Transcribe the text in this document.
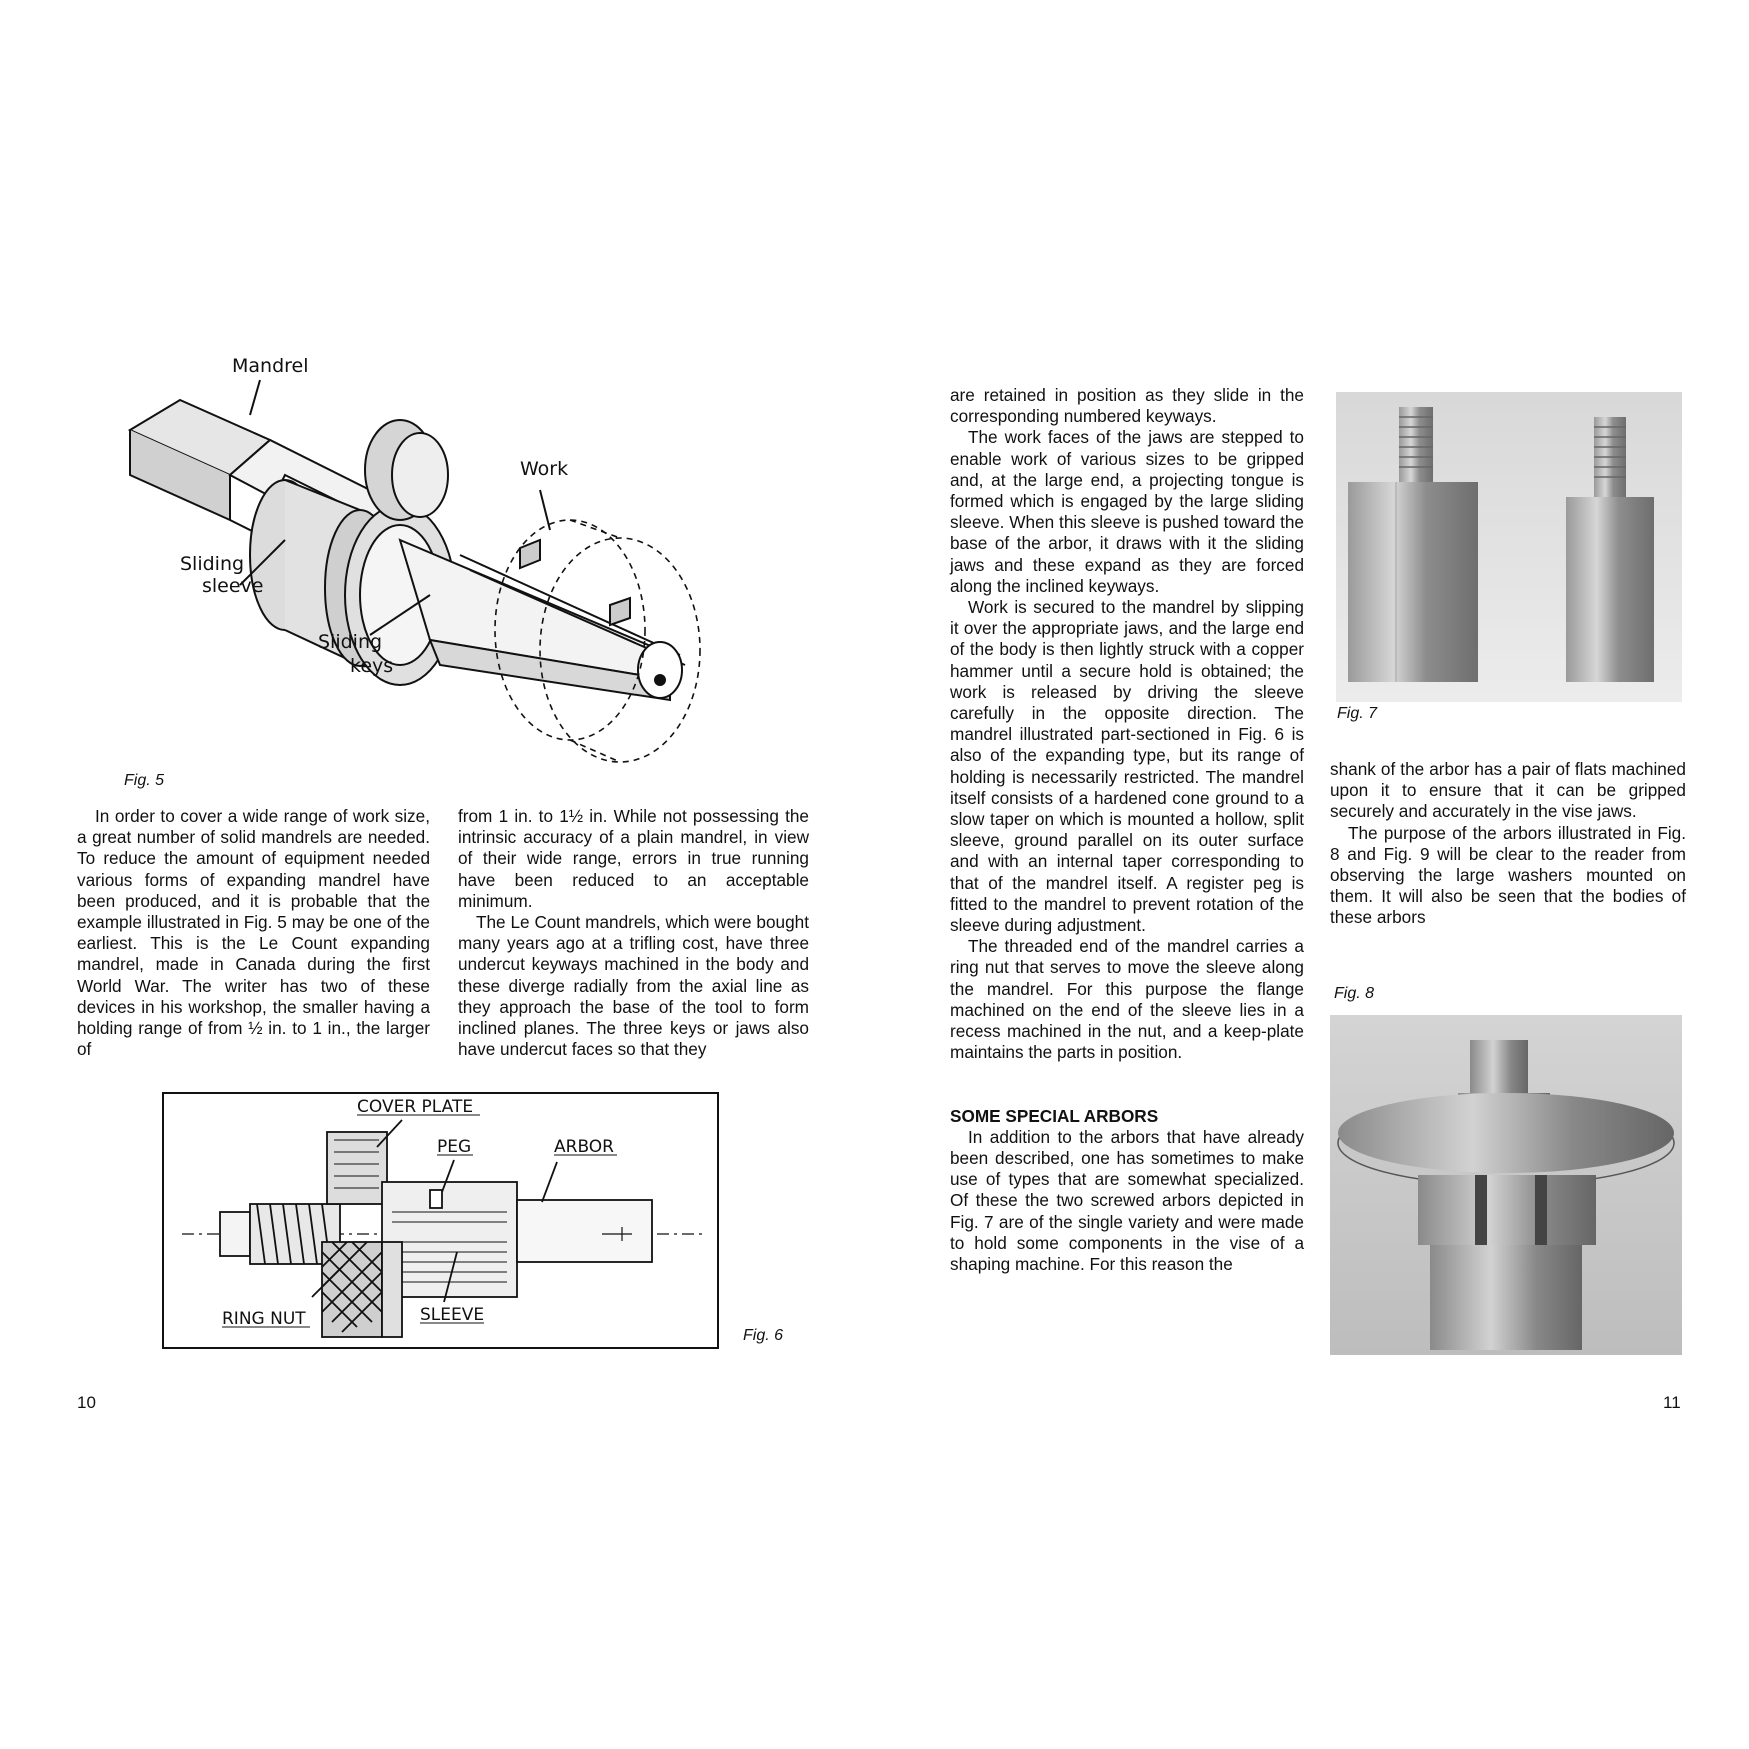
Mandrel
Work
Sliding
sleeve
Sliding
keys
Fig. 5

In order to cover a wide range of work size, a great number of solid mandrels are needed. To reduce the amount of equipment needed various forms of expanding mandrel have been produced, and it is probable that the example illustrated in Fig. 5 may be one of the earliest. This is the Le Count expanding mandrel, made in Canada during the first World War. The writer has two of these devices in his workshop, the smaller having a holding range of from ½ in. to 1 in., the larger of

from 1 in. to 1½ in. While not possessing the intrinsic accuracy of a plain mandrel, in view of their wide range, errors in true running have been reduced to an acceptable minimum.

The Le Count mandrels, which were bought many years ago at a trifling cost, have three undercut keyways machined in the body and these diverge radially from the axial line as they approach the base of the tool to form inclined planes. The three keys or jaws also have undercut faces so that they

COVER PLATE
PEG	ARBOR
RING NUT	SLEEVE
Fig. 6
10

are retained in position as they slide in the corresponding numbered keyways.

The work faces of the jaws are stepped to enable work of various sizes to be gripped and, at the large end, a projecting tongue is formed which is engaged by the large sliding sleeve. When this sleeve is pushed toward the base of the arbor, it draws with it the sliding jaws and these expand as they are forced along the inclined keyways.

Work is secured to the mandrel by slipping it over the appropriate jaws, and the large end of the body is then lightly struck with a copper hammer until a secure hold is obtained; the work is released by driving the sleeve carefully in the opposite direction. The mandrel illustrated part-sectioned in Fig. 6 is also of the expanding type, but its range of holding is necessarily restricted. The mandrel itself consists of a hardened cone ground to a slow taper on which is mounted a hollow, split sleeve, ground parallel on its outer surface and with an internal taper corresponding to that of the mandrel itself. A register peg is fitted to the mandrel to prevent rotation of the sleeve during adjustment.

The threaded end of the mandrel carries a ring nut that serves to move the sleeve along the mandrel. For this purpose the flange machined on the end of the sleeve lies in a recess machined in the nut, and a keep-plate maintains the parts in position.

SOME SPECIAL ARBORS

In addition to the arbors that have already been described, one has sometimes to make use of types that are somewhat specialized. Of these the two screwed arbors depicted in Fig. 7 are of the single variety and were made to hold some components in the vise of a shaping machine. For this reason the

Fig. 7

shank of the arbor has a pair of flats machined upon it to ensure that it can be gripped securely and accurately in the vise jaws.

The purpose of the arbors illustrated in Fig. 8 and Fig. 9 will be clear to the reader from observing the large washers mounted on them. It will also be seen that the bodies of these arbors

Fig. 8
11
